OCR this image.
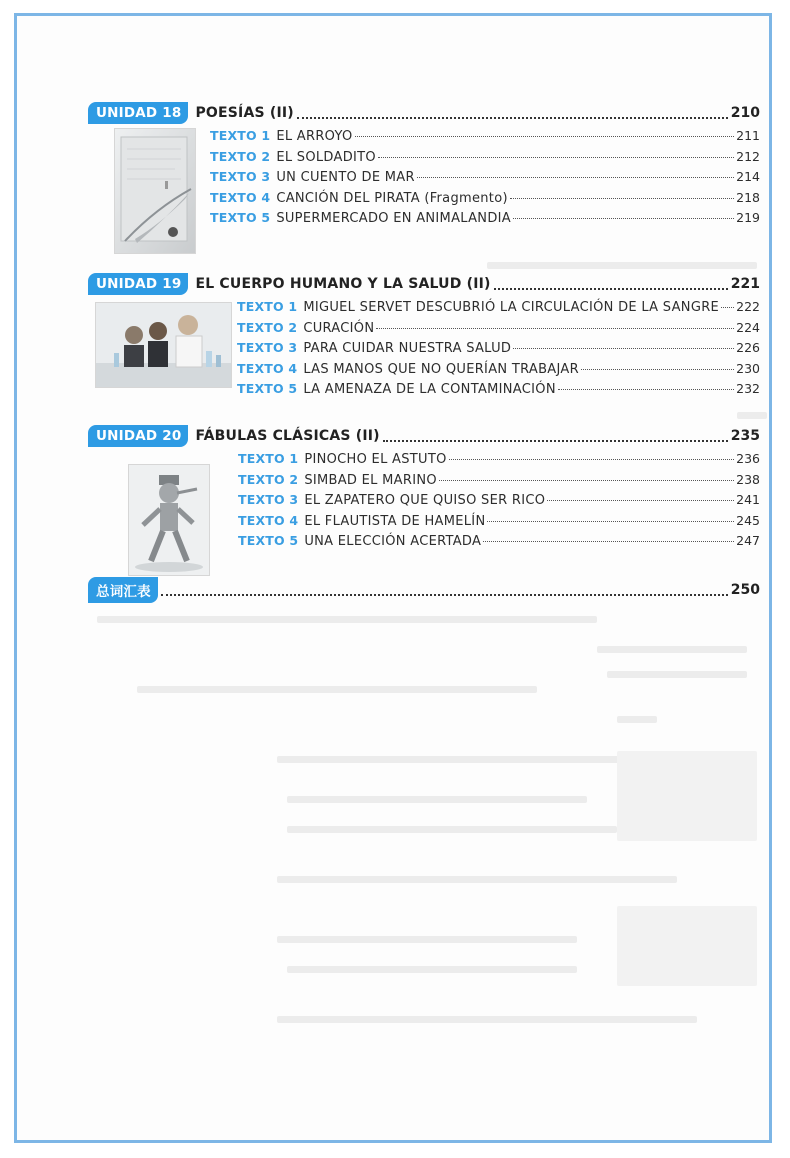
UNIDAD 18	POESÍAS (II)	210
TEXTO 1 EL ARROYO	211
TEXTO 2 EL SOLDADITO	212
TEXTO 3 UN CUENTO DE MAR	214
TEXTO 4 CANCIÓN DEL PIRATA (Fragmento)	218
TEXTO 5 SUPERMERCADO EN ANIMALANDIA	219
UNIDAD 19	EL CUERPO HUMANO Y LA SALUD (II)	221
TEXTO 1 MIGUEL SERVET DESCUBRIÓ LA CIRCULACIÓN DE LA SANGRE 222
TEXTO 2 CURACIÓN	224
TEXTO 3 PARA CUIDAR NUESTRA SALUD	226
TEXTO 4 LAS MANOS QUE NO QUERÍAN TRABAJAR	230
TEXTO 5 LA AMENAZA DE LA CONTAMINACIÓN	232
UNIDAD 20	FÁBULAS CLÁSICAS (II)	235
TEXTO 1 PINOCHO EL ASTUTO	236
TEXTO 2 SIMBAD EL MARINO	238
TEXTO 3 EL ZAPATERO QUE QUISO SER RICO	241
TEXTO 4 EL FLAUTISTA DE HAMELÍN	245
TEXTO 5 UNA ELECCIÓN ACERTADA	247
总词汇表	250
